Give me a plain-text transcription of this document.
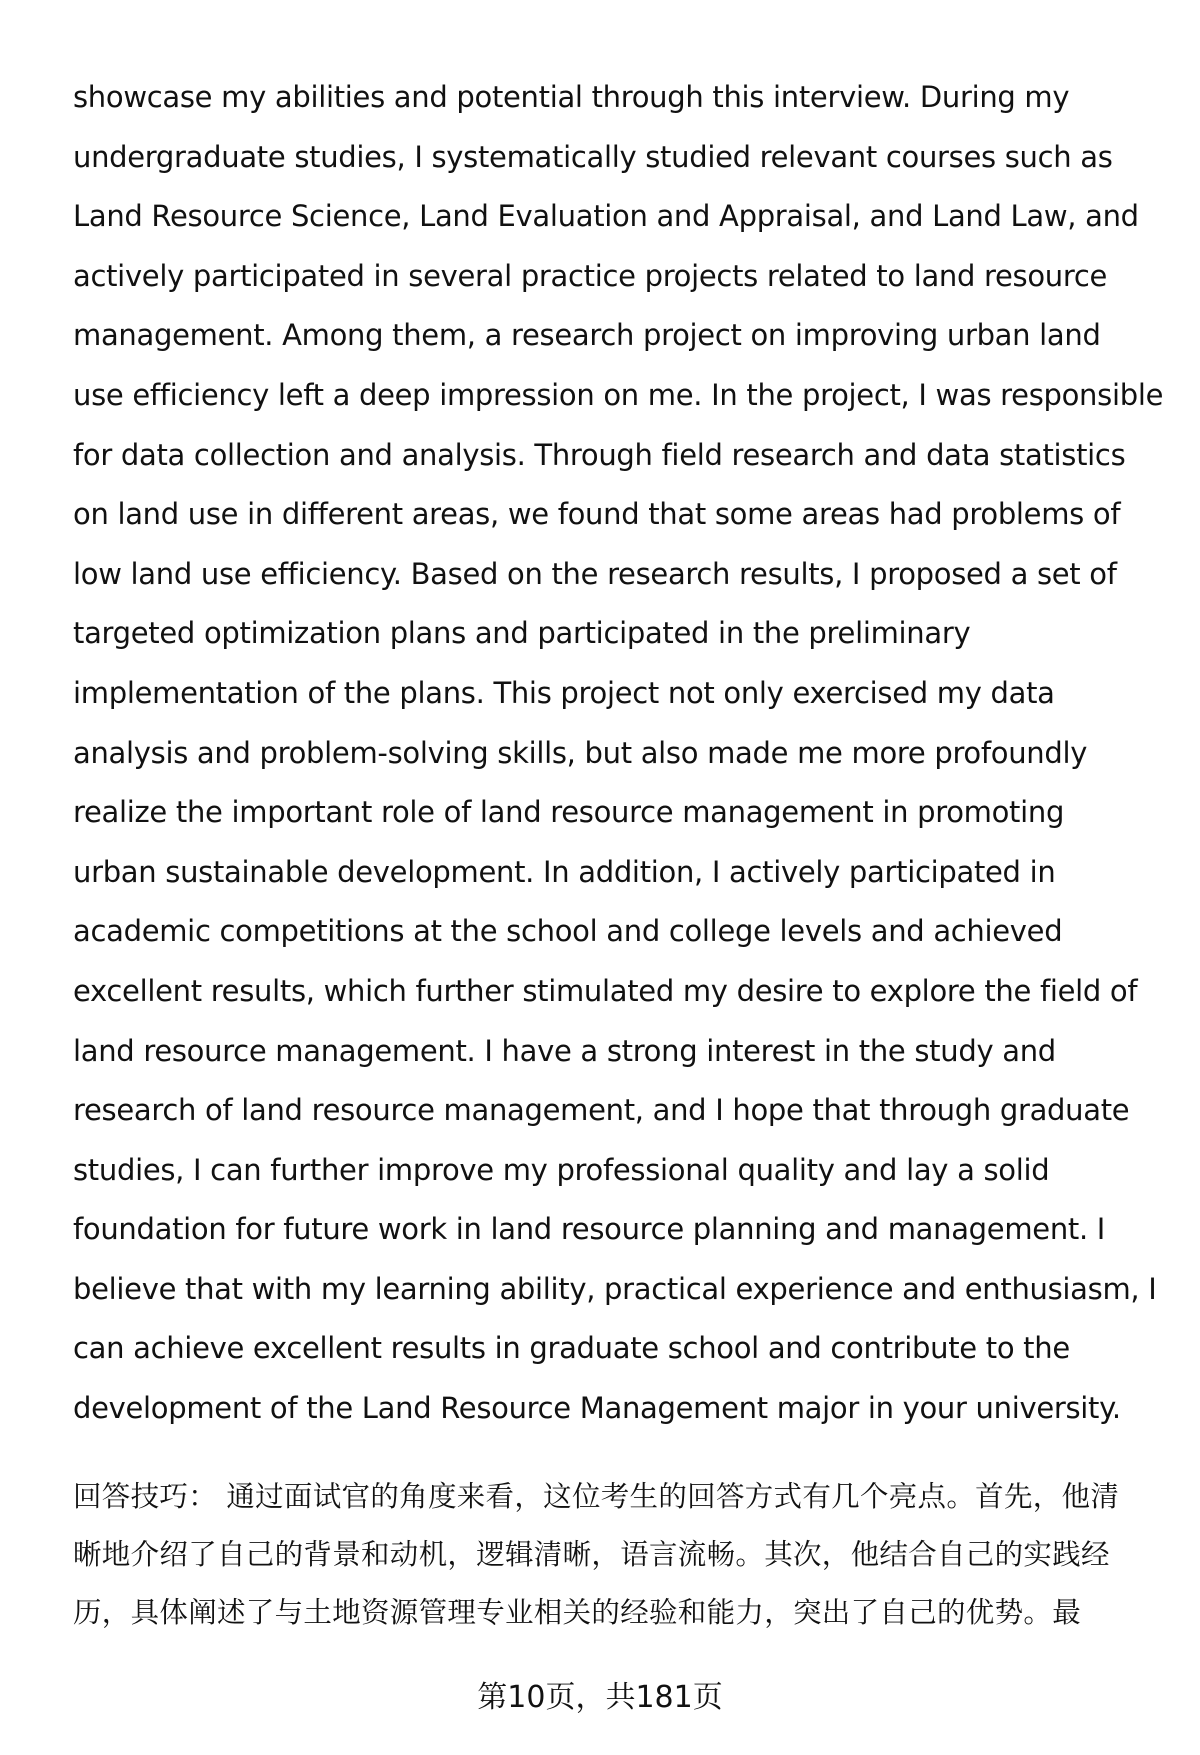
showcase my abilities and potential through this interview. During my
undergraduate studies, I systematically studied relevant courses such as
Land Resource Science, Land Evaluation and Appraisal, and Land Law, and
actively participated in several practice projects related to land resource
management. Among them, a research project on improving urban land
use efficiency left a deep impression on me. In the project, I was responsible
for data collection and analysis. Through field research and data statistics
on land use in different areas, we found that some areas had problems of
low land use efficiency. Based on the research results, I proposed a set of
targeted optimization plans and participated in the preliminary
implementation of the plans. This project not only exercised my data
analysis and problem-solving skills, but also made me more profoundly
realize the important role of land resource management in promoting
urban sustainable development. In addition, I actively participated in
academic competitions at the school and college levels and achieved
excellent results, which further stimulated my desire to explore the field of
land resource management. I have a strong interest in the study and
research of land resource management, and I hope that through graduate
studies, I can further improve my professional quality and lay a solid
foundation for future work in land resource planning and management. I
believe that with my learning ability, practical experience and enthusiasm, I
can achieve excellent results in graduate school and contribute to the
development of the Land Resource Management major in your university.
回答技巧： 通过面试官的角度来看，这位考生的回答方式有几个亮点。首先，他清
晰地介绍了自己的背景和动机，逻辑清晰，语言流畅。其次，他结合自己的实践经
历，具体阐述了与土地资源管理专业相关的经验和能力，突出了自己的优势。最
第10页，共181页
